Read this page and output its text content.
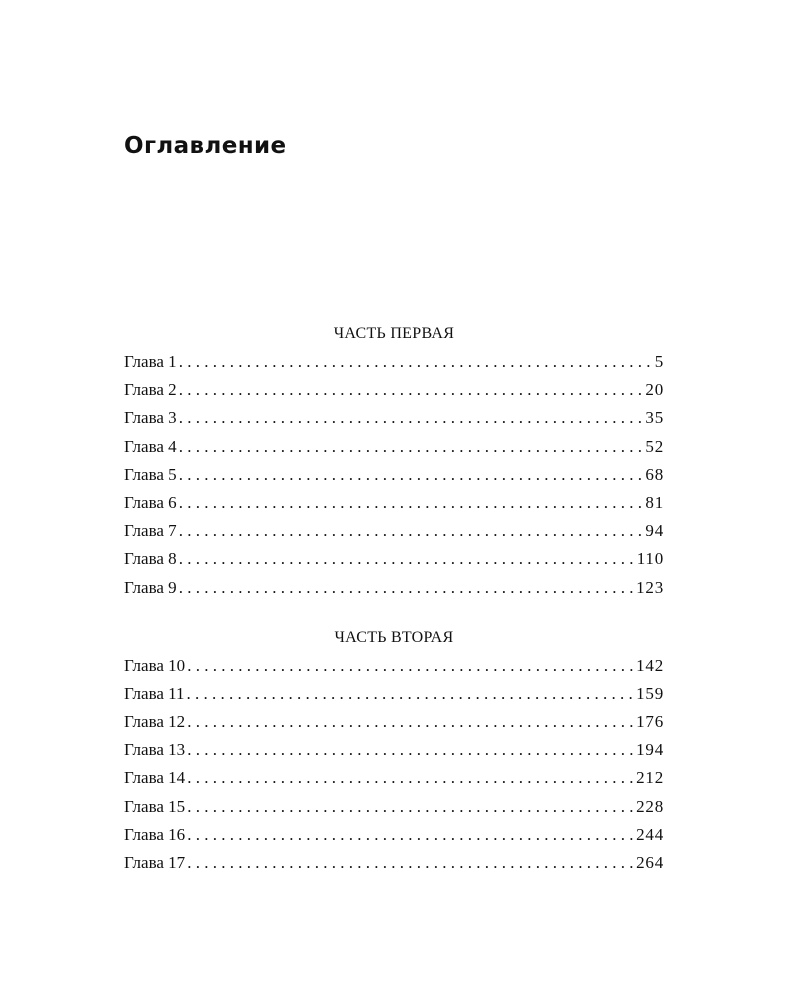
Оглавление
ЧАСТЬ ПЕРВАЯ
Глава 1 . . .	5
Глава 2 . . .	20
Глава 3 . . .	35
Глава 4 . . .	52
Глава 5 . . .	68
Глава 6 . . .	81
Глава 7 . . .	94
Глава 8 . . .	110
Глава 9 . . .	123
ЧАСТЬ ВТОРАЯ
Глава 10 . . .	142
Глава 11 . . .	159
Глава 12 . . .	176
Глава 13 . . .	194
Глава 14 . . .	212
Глава 15 . . .	228
Глава 16 . . .	244
Глава 17 . . .	264
